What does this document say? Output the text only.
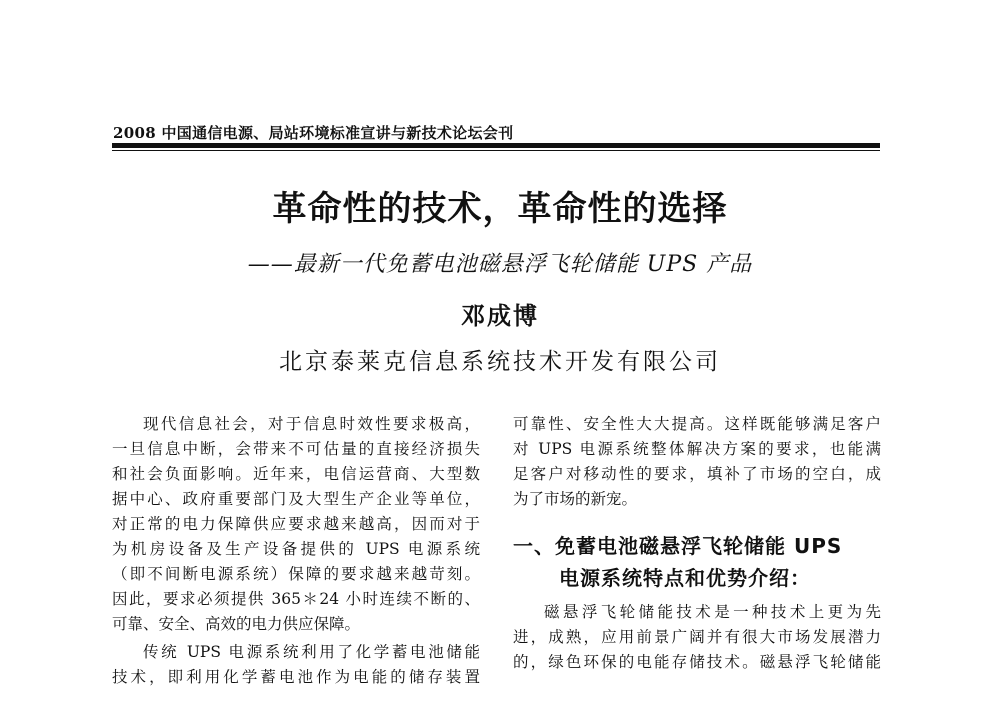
2008 中国通信电源、局站环境标准宣讲与新技术论坛会刊
革命性的技术，革命性的选择
——最新一代免蓄电池磁悬浮飞轮储能 UPS 产品
邓成博
北京泰莱克信息系统技术开发有限公司
现代信息社会，对于信息时效性要求极高，
一旦信息中断，会带来不可估量的直接经济损失
和社会负面影响。近年来，电信运营商、大型数
据中心、政府重要部门及大型生产企业等单位，
对正常的电力保障供应要求越来越高，因而对于
为机房设备及生产设备提供的 UPS 电源系统
（即不间断电源系统）保障的要求越来越苛刻。
因此，要求必须提供 365＊24 小时连续不断的、
可靠、安全、高效的电力供应保障。
传统 UPS 电源系统利用了化学蓄电池储能
技术，即利用化学蓄电池作为电能的储存装置
可靠性、安全性大大提高。这样既能够满足客户
对 UPS 电源系统整体解决方案的要求，也能满
足客户对移动性的要求，填补了市场的空白，成
为了市场的新宠。
一、免蓄电池磁悬浮飞轮储能 UPS
电源系统特点和优势介绍：
磁悬浮飞轮储能技术是一种技术上更为先
进，成熟，应用前景广阔并有很大市场发展潜力
的，绿色环保的电能存储技术。磁悬浮飞轮储能
